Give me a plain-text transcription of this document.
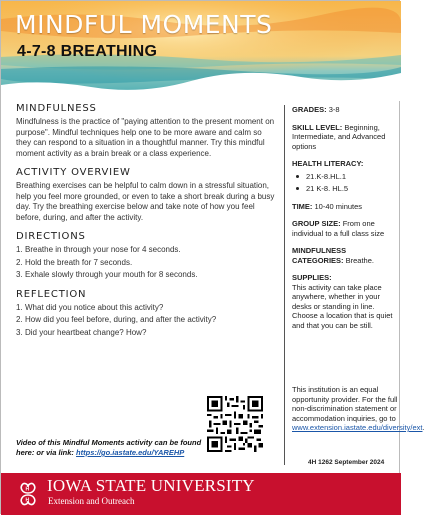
MINDFUL MOMENTS
4-7-8 BREATHING
MINDFULNESS
Mindfulness is the practice of "paying attention to the present moment on purpose". Mindful techniques help one to be more aware and calm so they can respond to a situation in a thoughtful manner. Try this mindful moment activity as a brain break or a class experience.
ACTIVITY OVERVIEW
Breathing exercises can be helpful to calm down in a stressful situation, help you feel more grounded, or even to take a short break during a busy day. Try the breathing exercise below and take note of how you feel before, during, and after the activity.
DIRECTIONS
1. Breathe in through your nose for 4 seconds.
2. Hold the breath for 7 seconds.
3. Exhale slowly through your mouth for 8 seconds.
REFLECTION
1. What did you notice about this activity?
2. How did you feel before, during, and after the activity?
3. Did your heartbeat change? How?
GRADES: 3-8
SKILL LEVEL: Beginning, Intermediate, and Advanced options
HEALTH LITERACY:
21.K-8.HL.1
21 K-8. HL.5
TIME: 10-40 minutes
GROUP SIZE: From one individual to a full class size
MINDFULNESS CATEGORIES: Breathe.
SUPPLIES:
This activity can take place anywhere, whether in your desks or standing in line. Choose a location that is quiet and that you can be still.
This institution is an equal opportunity provider. For the full non-discrimination statement or accommodation inquiries, go to www.extension.iastate.edu/diversity/ext.
Video of this Mindful Moments activity can be found here: or via link: https://go.iastate.edu/YAREHP
4H 1262 September 2024
H
H
IOWA STATE UNIVERSITY
Extension and Outreach
